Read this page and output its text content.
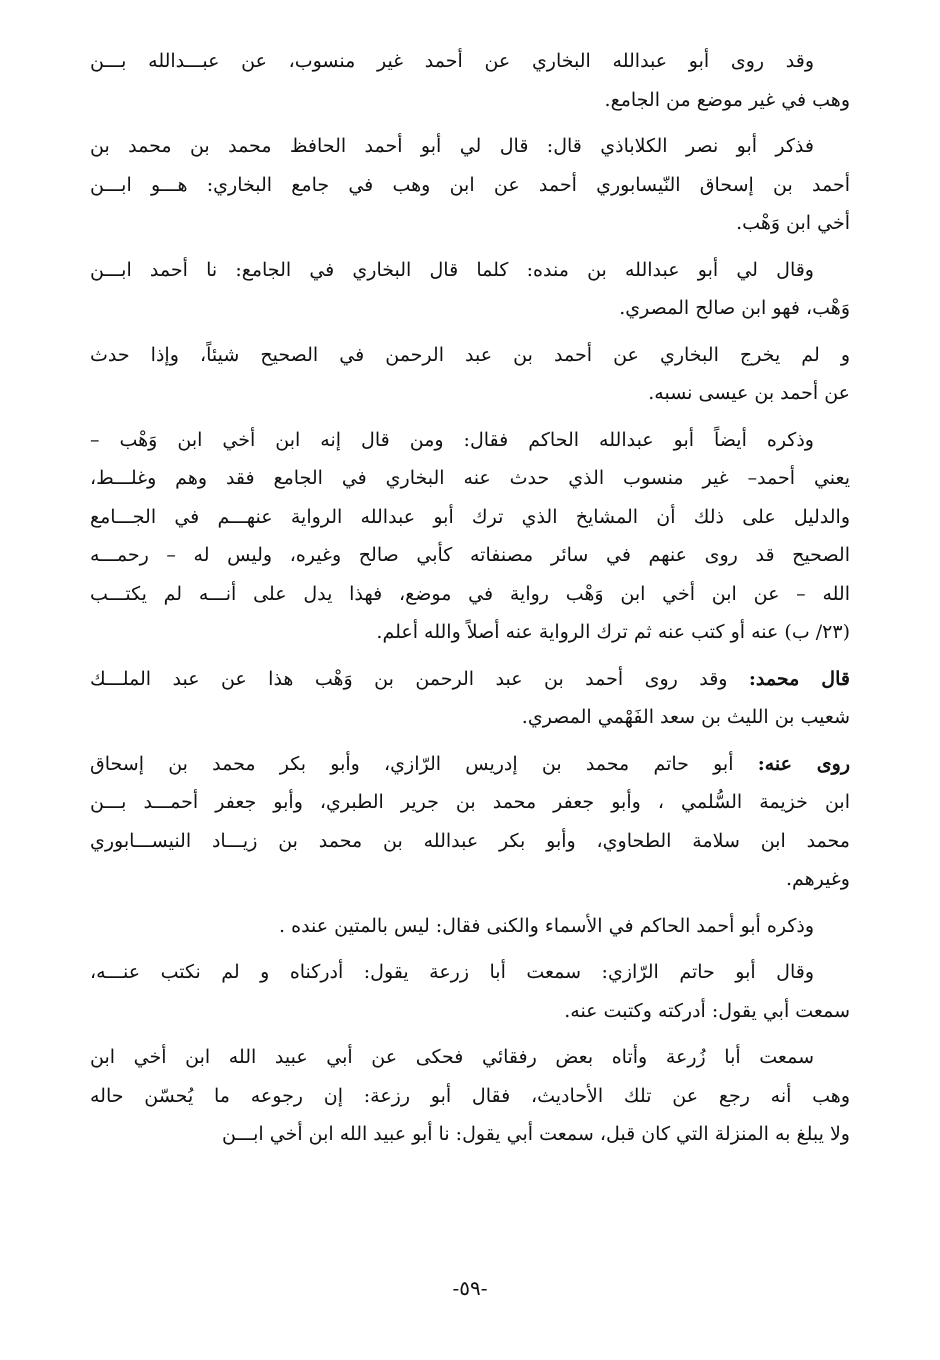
وقد روى أبو عبدالله البخاري عن أحمد غير منسوب، عن عبـــدالله بـــن
وهب في غير موضع من الجامع.
فذكر أبو نصر الكلاباذي قال: قال لي أبو أحمد الحافظ محمد بن محمد بن
أحمد بن إسحاق النّيسابوري أحمد عن ابن وهب في جامع البخاري: هـــو ابـــن
أخي ابن وَهْب.
وقال لي أبو عبدالله بن منده: كلما قال البخاري في الجامع: نا أحمد ابـــن
وَهْب، فهو ابن صالح المصري.
و لم يخرج البخاري عن أحمد بن عبد الرحمن في الصحيح شيئاً، وإذا حدث
عن أحمد بن عيسى نسبه.
وذكره أيضاً أبو عبدالله الحاكم فقال: ومن قال إنه ابن أخي ابن وَهْب –
يعني أحمد– غير منسوب الذي حدث عنه البخاري في الجامع فقد وهم وغلـــط،
والدليل على ذلك أن المشايخ الذي ترك أبو عبدالله الرواية عنهـــم في الجـــامع
الصحيح قد روى عنهم في سائر مصنفاته كأبي صالح وغيره، وليس له – رحمـــه
الله – عن ابن أخي ابن وَهْب رواية في موضع، فهذا يدل على أنـــه لم يكتـــب
(٢٣/ ب) عنه أو كتب عنه ثم ترك الرواية عنه أصلاً والله أعلم.
قال محمد: وقد روى أحمد بن عبد الرحمن بن وَهْب هذا عن عبد الملـــك
شعيب بن الليث بن سعد الفَهْمي المصري.
روى عنه: أبو حاتم محمد بن إدريس الرّازي، وأبو بكر محمد بن إسحاق
ابن خزيمة السُّلمي ، وأبو جعفر محمد بن جرير الطبري، وأبو جعفر أحمـــد بـــن
محمد ابن سلامة الطحاوي، وأبو بكر عبدالله بن محمد بن زيـــاد النيســـابوري
وغيرهم.
وذكره أبو أحمد الحاكم في الأسماء والكنى فقال: ليس بالمتين عنده .
وقال أبو حاتم الرّازي: سمعت أبا زرعة يقول: أدركناه و لم نكتب عنـــه،
سمعت أبي يقول: أدركته وكتبت عنه.
سمعت أبا زُرعة وأتاه بعض رفقائي فحكى عن أبي عبيد الله ابن أخي ابن
وهب أنه رجع عن تلك الأحاديث، فقال أبو رزعة: إن رجوعه ما يُحسّن حاله
ولا يبلغ به المنزلة التي كان قبل، سمعت أبي يقول: نا أبو عبيد الله ابن أخي ابـــن
-٥٩-
